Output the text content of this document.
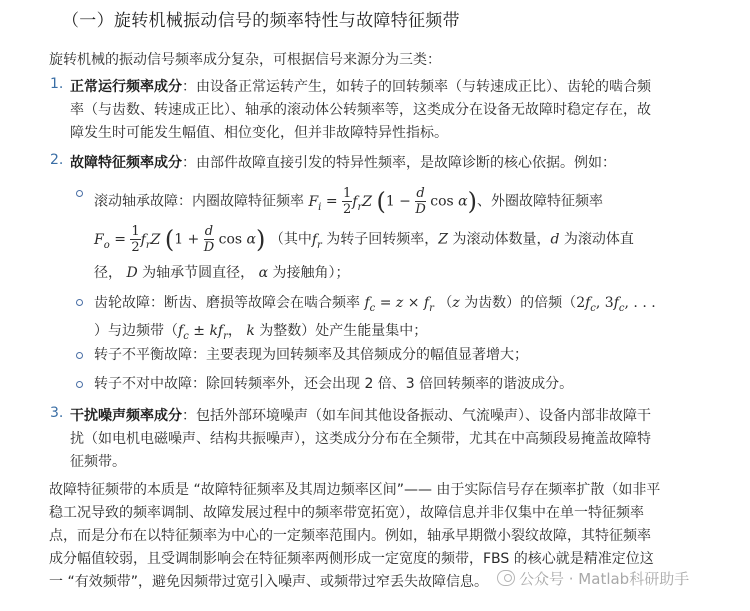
（一）旋转机械振动信号的频率特性与故障特征频带

旋转机械的振动信号频率成分复杂，可根据信号来源分为三类：

1. 正常运行频率成分：由设备正常运转产生，如转子的回转频率（与转速成正比）、齿轮的啮合频
率（与齿数、转速成正比）、轴承的滚动体公转频率等，这类成分在设备无故障时稳定存在，故
障发生时可能发生幅值、相位变化，但并非故障特异性指标。
2. 故障特征频率成分：由部件故障直接引发的特异性频率，是故障诊断的核心依据。例如：
滚动轴承故障：内圈故障特征频率 $F_i = \frac{1}{2} f_rZ$ ($1 - \frac{d}{D}$ cos α)、外圈故障特征频率
$F_o = \frac{1}{2} f_rZ$ ($1 + \frac{d}{D}$ cos α) （其中$f_r$ 为转子回转频率，Z 为滚动体数量，d 为滚动体直
径， D 为轴承节圆直径， α 为接触角）；
齿轮故障：断齿、磨损等故障会在啮合频率 $f_c = z \times f_r$ （z 为齿数）的倍频（$2f_c$, $3f_c$, . . .
）与边频带（$f_c \pm kf_r$， k 为整数）处产生能量集中；

转子不平衡故障：主要表现为回转频率及其倍频成分的幅值显著增大；

转子不对中故障：除回转频率外，还会出现 2 倍、3 倍回转频率的谐波成分。

3. 干扰噪声频率成分：包括外部环境噪声（如车间其他设备振动、气流噪声）、设备内部非故障干
扰（如电机电磁噪声、结构共振噪声），这类成分分布在全频带，尤其在中高频段易掩盖故障特
征频带。
故障特征频带的本质是 “故障特征频率及其周边频率区间”—— 由于实际信号存在频率扩散（如非平
稳工况导致的频率调制、故障发展过程中的频率带宽拓宽），故障信息并非仅集中在单一特征频率
点，而是分布在以特征频率为中心的一定频率范围内。例如，轴承早期微小裂纹故障，其特征频率
成分幅值较弱，且受调制影响会在特征频率两侧形成一定宽度的频带，FBS 的核心就是精准定位这
一 “有效频带”，避免因频带过宽引入噪声、或频带过窄丢失故障信息。	公众号 · Matlab科研助手
